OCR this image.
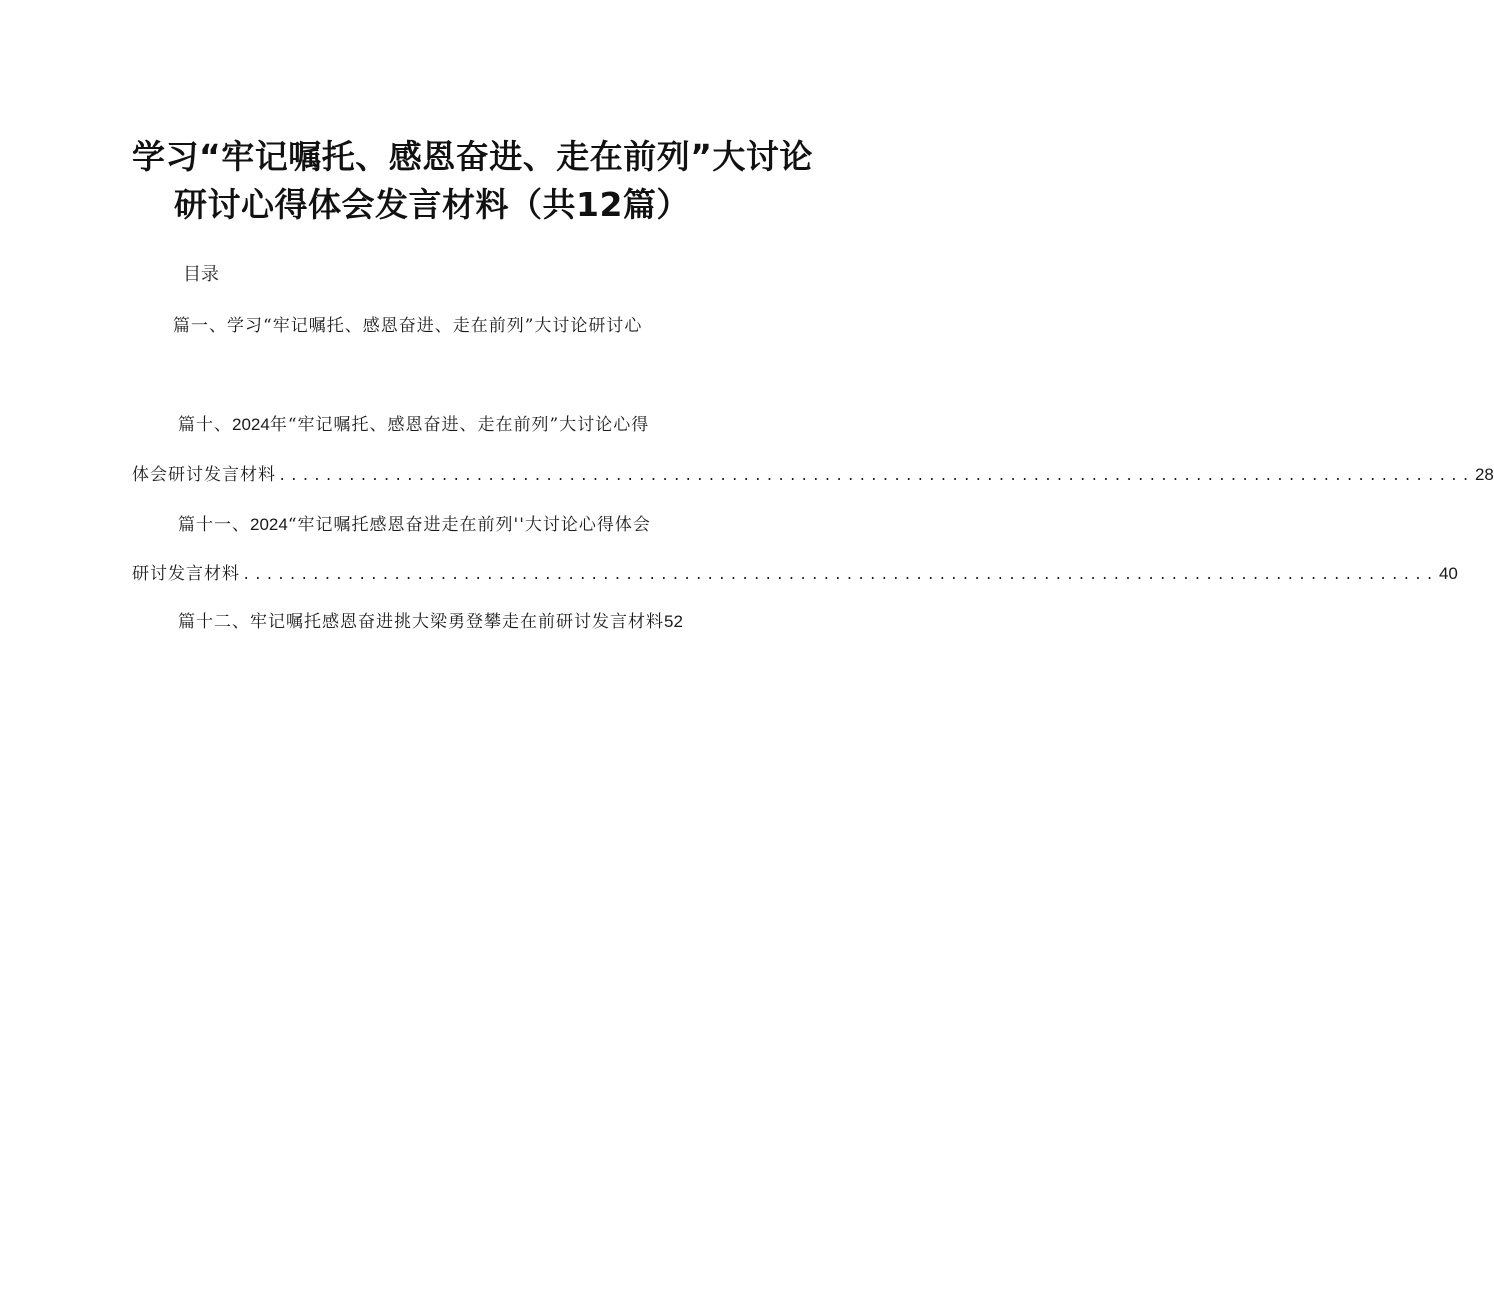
学习“牢记嘱托、感恩奋进、走在前列”大讨论
研讨心得体会发言材料（共12篇）
目录
篇一、学习“牢记嘱托、感恩奋进、走在前列”大讨论研讨心
篇十、2024年“牢记嘱托、感恩奋进、走在前列”大讨论心得
体会研讨发言材料 ....................................................................................................... 28
篇十一、2024“牢记嘱托感恩奋进走在前列''大讨论心得体会
研讨发言材料 ....................................................................................................... 40
篇十二、牢记嘱托感恩奋进挑大梁勇登攀走在前研讨发言材料52
